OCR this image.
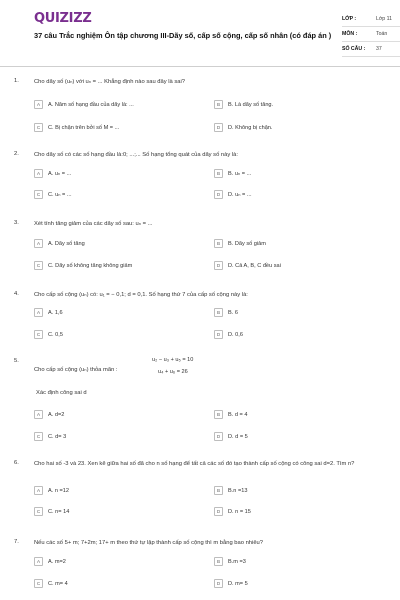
QUIZIZZ
37 câu Trắc nghiệm Ôn tập chương III-Dãy số, cấp số cộng, cấp số nhân (có đáp án )
LỚP :	Lớp 11
MÔN :	Toán
SỐ CÂU :	37
1.	Cho dãy số (uₙ) với uₙ = ... Khẳng định nào sau đây là sai?
A	A. Năm số hạng đầu của dãy là: ...	B	B. Là dãy số tăng.
C	C. Bị chặn trên bởi số M = ...	D	D. Không bị chặn.
2.	Cho dãy số có các số hạng đầu là:0; ...;... Số hạng tổng quát của dãy số này là:
A	A. uₙ = ...	B	B. uₙ = ...
C	C. uₙ = ...	D	D. uₙ = ...
3.	Xét tính tăng giảm của các dãy số sau: uₙ = ...
A	A. Dãy số tăng	B	B. Dãy số giảm
C	C. Dãy số không tăng không giảm	D	D. Cả A, B, C đều sai
4.	Cho cấp số cộng (uₙ) có: u₁ = − 0,1; d = 0,1. Số hạng thứ 7 của cấp số cộng này là:
A	A. 1,6	B	B. 6
C	C. 0,5	D	D. 0,6
5.
Cho cấp số cộng (uₙ) thỏa mãn :
u₂ − u₃ + u₅ = 10
u₄ + u₆ = 26
Xác định công sai d
A	A. d=2	B	B. d = 4
C	C. d= 3	D	D. d = 5
6.	Cho hai số -3 và 23. Xen kẽ giữa hai số đã cho n số hạng để tất cả các số đó tạo thành cấp số cộng có công sai d=2. Tìm n?
A	A. n =12	B	B.n =13
C	C. n= 14	D	D. n = 15
7.	Nếu các số 5+ m; 7+2m; 17+ m theo thứ tự lập thành cấp số cộng thì m bằng bao nhiêu?
A	A. m=2	B	B.m =3
C	C. m= 4	D	D. m= 5
